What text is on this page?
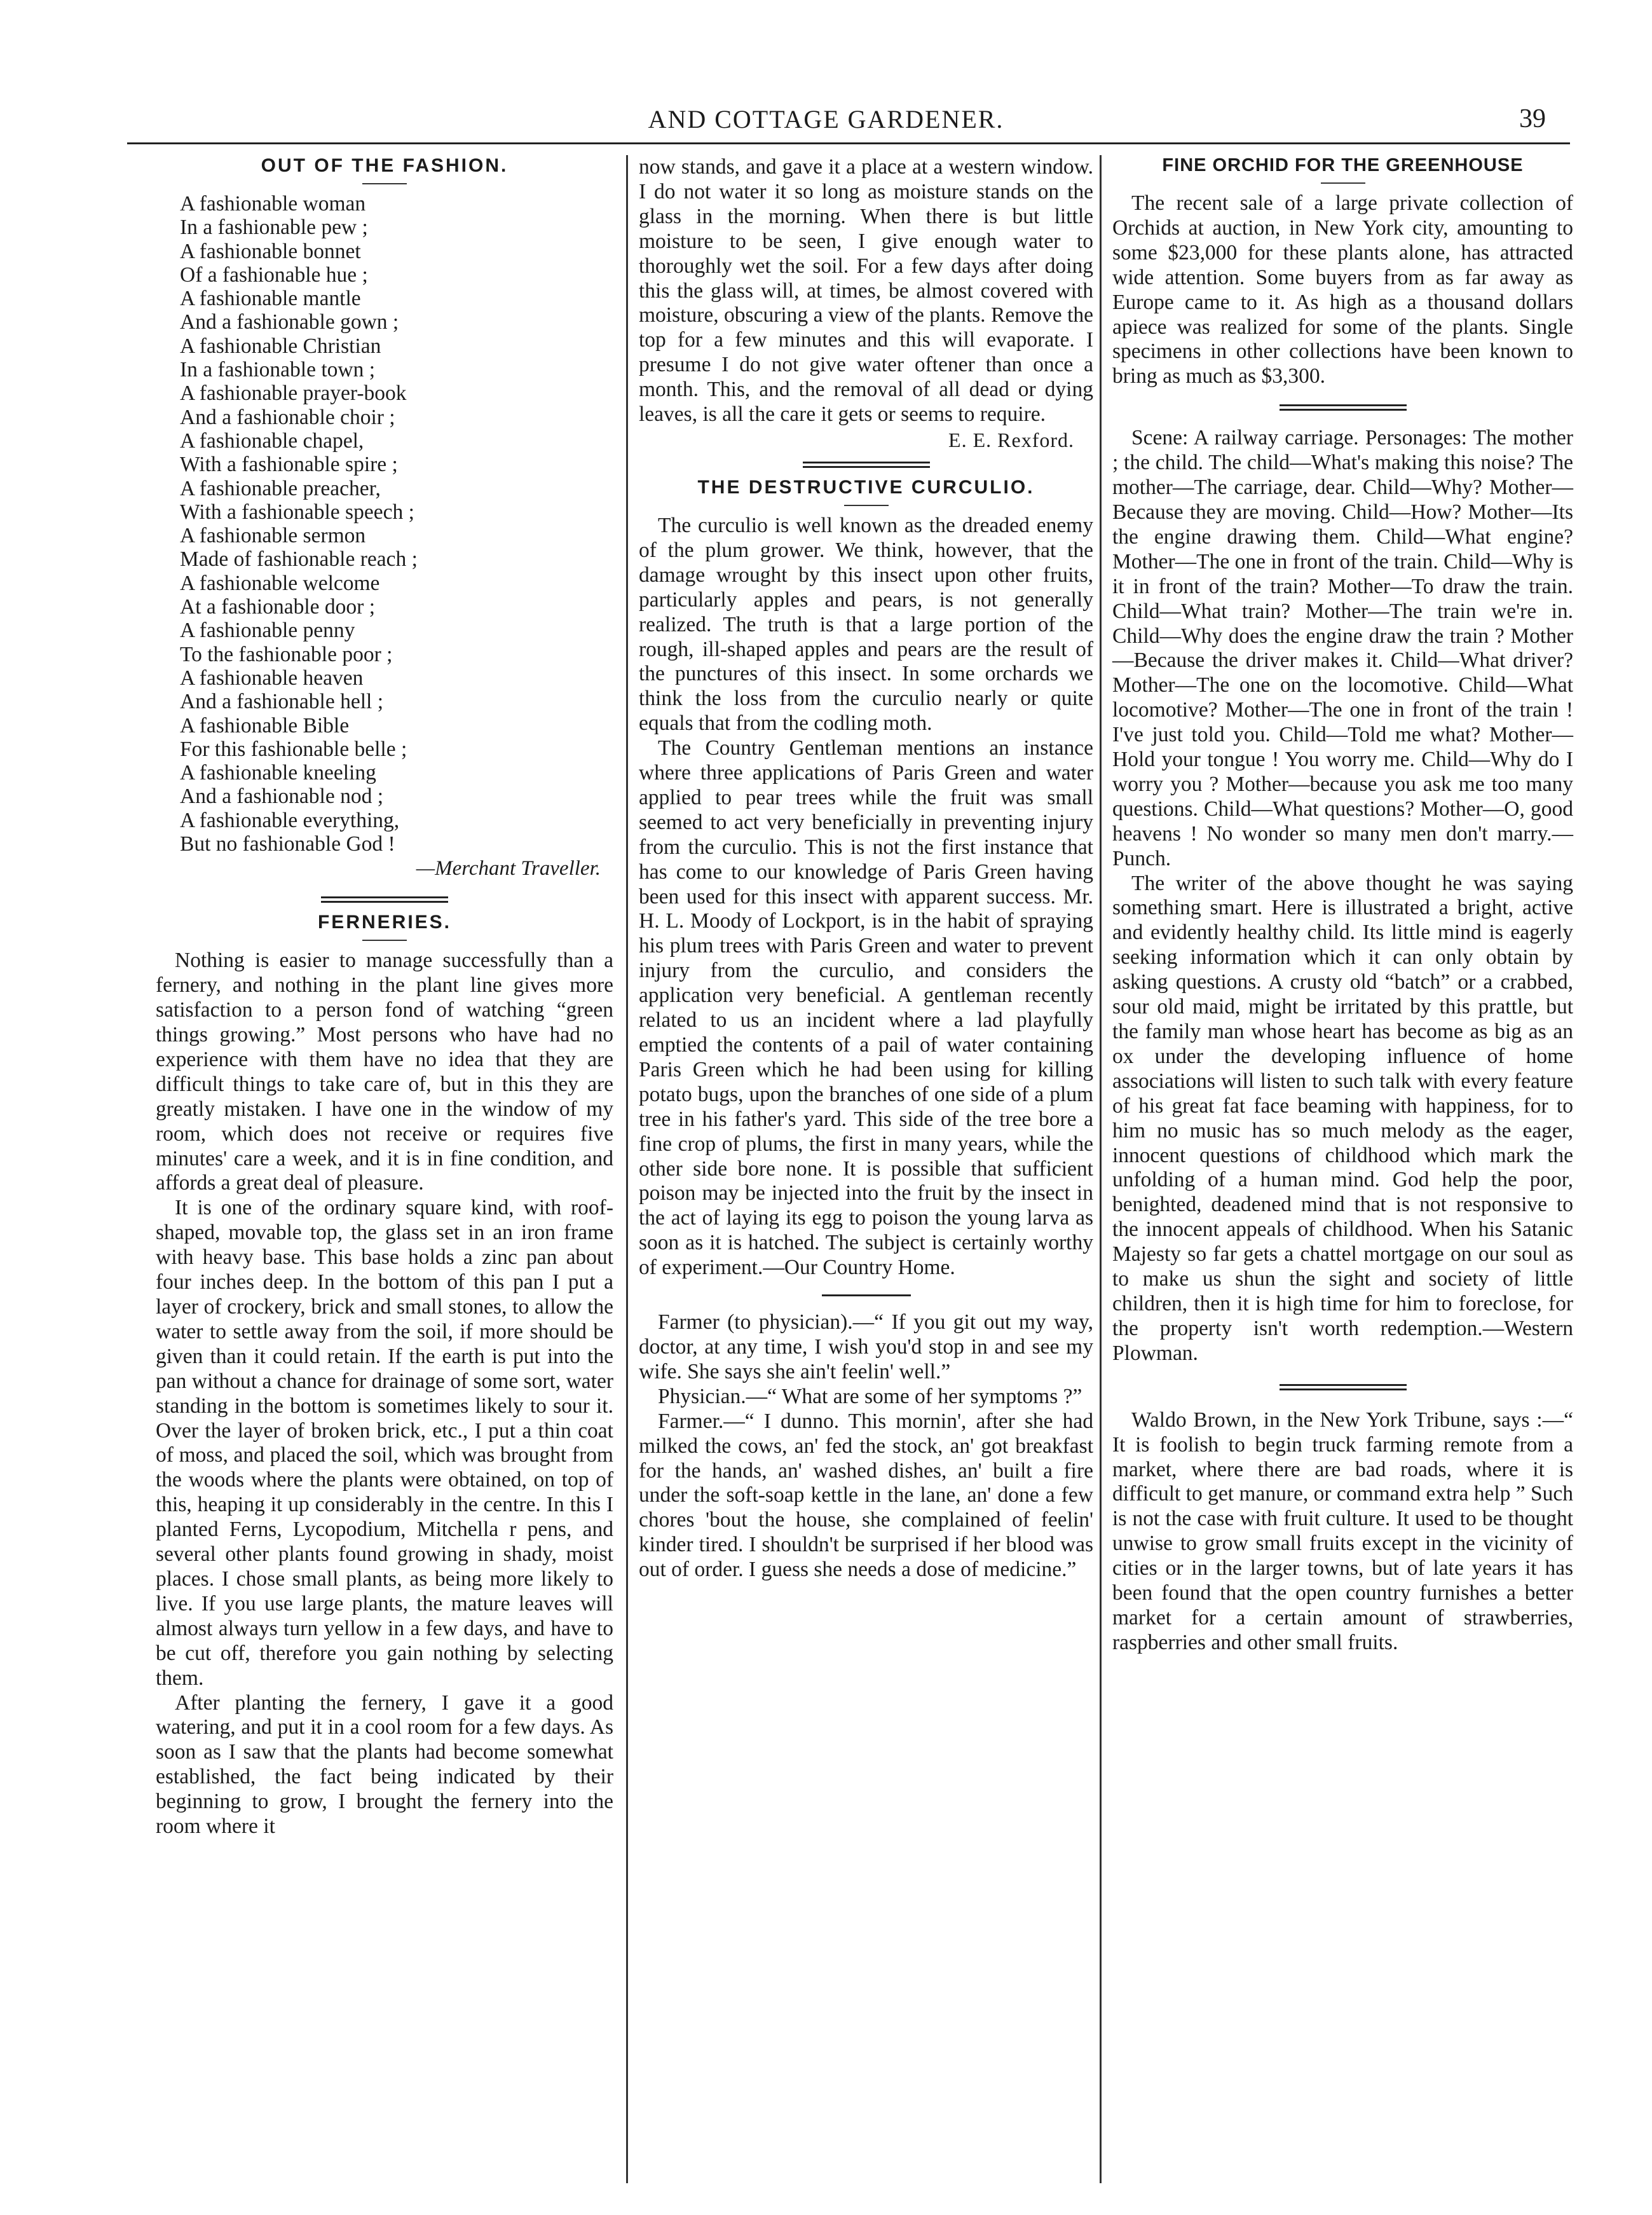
AND COTTAGE GARDENER.	39
OUT OF THE FASHION.
A fashionable woman
In a fashionable pew ;
A fashionable bonnet
Of a fashionable hue ;
A fashionable mantle
And a fashionable gown ;
A fashionable Christian
In a fashionable town ;
A fashionable prayer-book
And a fashionable choir ;
A fashionable chapel,
With a fashionable spire ;
A fashionable preacher,
With a fashionable speech ;
A fashionable sermon
Made of fashionable reach ;
A fashionable welcome
At a fashionable door ;
A fashionable penny
To the fashionable poor ;
A fashionable heaven
And a fashionable hell ;
A fashionable Bible
For this fashionable belle ;
A fashionable kneeling
And a fashionable nod ;
A fashionable everything,
But no fashionable God !
—Merchant Traveller.
FERNERIES.

Nothing is easier to manage successfully than a fernery, and nothing in the plant line gives more satisfaction to a person fond of watching “green things growing.” Most persons who have had no experience with them have no idea that they are difficult things to take care of, but in this they are greatly mistaken. I have one in the window of my room, which does not receive or requires five minutes' care a week, and it is in fine condition, and affords a great deal of pleasure.

It is one of the ordinary square kind, with roof-shaped, movable top, the glass set in an iron frame with heavy base. This base holds a zinc pan about four inches deep. In the bottom of this pan I put a layer of crockery, brick and small stones, to allow the water to settle away from the soil, if more should be given than it could retain. If the earth is put into the pan without a chance for drainage of some sort, water standing in the bottom is sometimes likely to sour it. Over the layer of broken brick, etc., I put a thin coat of moss, and placed the soil, which was brought from the woods where the plants were obtained, on top of this, heaping it up considerably in the centre. In this I planted Ferns, Lycopodium, Mitchella r pens, and several other plants found growing in shady, moist places. I chose small plants, as being more likely to live. If you use large plants, the mature leaves will almost always turn yellow in a few days, and have to be cut off, therefore you gain nothing by selecting them.

After planting the fernery, I gave it a good watering, and put it in a cool room for a few days. As soon as I saw that the plants had become somewhat established, the fact being indicated by their beginning to grow, I brought the fernery into the room where it

now stands, and gave it a place at a western window. I do not water it so long as moisture stands on the glass in the morning. When there is but little moisture to be seen, I give enough water to thoroughly wet the soil. For a few days after doing this the glass will, at times, be almost covered with moisture, obscuring a view of the plants. Remove the top for a few minutes and this will evaporate. I presume I do not give water oftener than once a month. This, and the removal of all dead or dying leaves, is all the care it gets or seems to require.

E. E. Rexford.
THE DESTRUCTIVE CURCULIO.

The curculio is well known as the dreaded enemy of the plum grower. We think, however, that the damage wrought by this insect upon other fruits, particularly apples and pears, is not generally realized. The truth is that a large portion of the rough, ill-shaped apples and pears are the result of the punctures of this insect. In some orchards we think the loss from the curculio nearly or quite equals that from the codling moth.

The Country Gentleman mentions an instance where three applications of Paris Green and water applied to pear trees while the fruit was small seemed to act very beneficially in preventing injury from the curculio. This is not the first instance that has come to our knowledge of Paris Green having been used for this insect with apparent success. Mr. H. L. Moody of Lockport, is in the habit of spraying his plum trees with Paris Green and water to prevent injury from the curculio, and considers the application very beneficial. A gentleman recently related to us an incident where a lad playfully emptied the contents of a pail of water containing Paris Green which he had been using for killing potato bugs, upon the branches of one side of a plum tree in his father's yard. This side of the tree bore a fine crop of plums, the first in many years, while the other side bore none. It is possible that sufficient poison may be injected into the fruit by the insect in the act of laying its egg to poison the young larva as soon as it is hatched. The subject is certainly worthy of experiment.—Our Country Home.

Farmer (to physician).—“ If you git out my way, doctor, at any time, I wish you'd stop in and see my wife. She says she ain't feelin' well.”

Physician.—“ What are some of her symptoms ?”

Farmer.—“ I dunno. This mornin', after she had milked the cows, an' fed the stock, an' got breakfast for the hands, an' washed dishes, an' built a fire under the soft-soap kettle in the lane, an' done a few chores 'bout the house, she complained of feelin' kinder tired. I shouldn't be surprised if her blood was out of order. I guess she needs a dose of medicine.”

FINE ORCHID FOR THE GREENHOUSE

The recent sale of a large private collection of Orchids at auction, in New York city, amounting to some $23,000 for these plants alone, has attracted wide attention. Some buyers from as far away as Europe came to it. As high as a thousand dollars apiece was realized for some of the plants. Single specimens in other collections have been known to bring as much as $3,300.

Scene: A railway carriage. Personages: The mother ; the child. The child—What's making this noise? The mother—The carriage, dear. Child—Why? Mother—Because they are moving. Child—How? Mother—Its the engine drawing them. Child—What engine? Mother—The one in front of the train. Child—Why is it in front of the train? Mother—To draw the train. Child—What train? Mother—The train we're in. Child—Why does the engine draw the train ? Mother—Because the driver makes it. Child—What driver? Mother—The one on the locomotive. Child—What locomotive? Mother—The one in front of the train ! I've just told you. Child—Told me what? Mother—Hold your tongue ! You worry me. Child—Why do I worry you ? Mother—because you ask me too many questions. Child—What questions? Mother—O, good heavens ! No wonder so many men don't marry.—Punch.

The writer of the above thought he was saying something smart. Here is illustrated a bright, active and evidently healthy child. Its little mind is eagerly seeking information which it can only obtain by asking questions. A crusty old “batch” or a crabbed, sour old maid, might be irritated by this prattle, but the family man whose heart has become as big as an ox under the developing influence of home associations will listen to such talk with every feature of his great fat face beaming with happiness, for to him no music has so much melody as the eager, innocent questions of childhood which mark the unfolding of a human mind. God help the poor, benighted, deadened mind that is not responsive to the innocent appeals of childhood. When his Satanic Majesty so far gets a chattel mortgage on our soul as to make us shun the sight and society of little children, then it is high time for him to foreclose, for the property isn't worth redemption.—Western Plowman.

Waldo Brown, in the New York Tribune, says :—“ It is foolish to begin truck farming remote from a market, where there are bad roads, where it is difficult to get manure, or command extra help ” Such is not the case with fruit culture. It used to be thought unwise to grow small fruits except in the vicinity of cities or in the larger towns, but of late years it has been found that the open country furnishes a better market for a certain amount of strawberries, raspberries and other small fruits.
